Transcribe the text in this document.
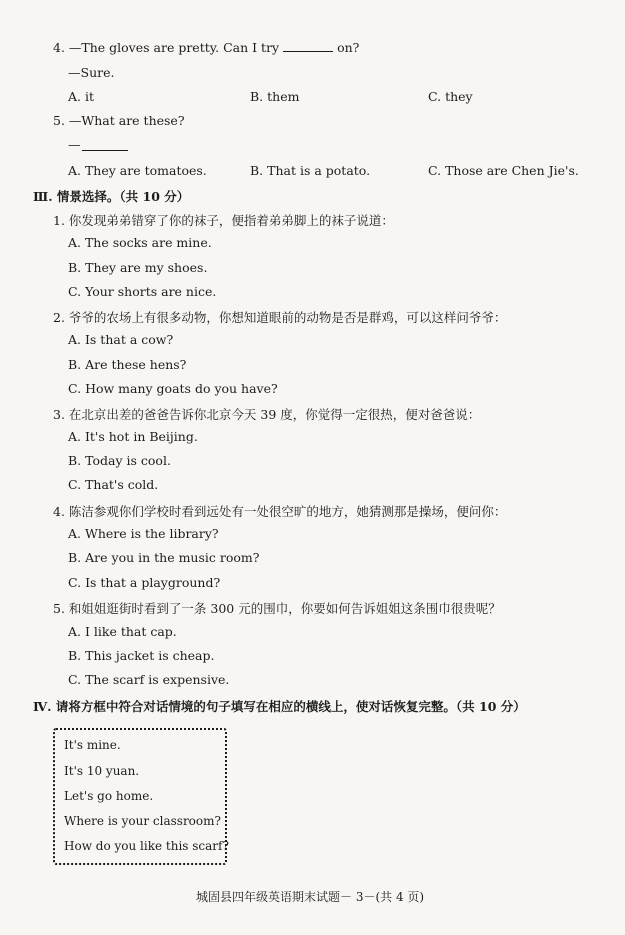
4. —The gloves are pretty. Can I try	on?
—Sure.
A. it	B. them	C. they
5. —What are these?
—
A. They are tomatoes.	B. That is a potato.	C. Those are Chen Jie's.
Ⅲ. 情景选择。（共 10 分）
1. 你发现弟弟错穿了你的袜子，便指着弟弟脚上的袜子说道：
A. The socks are mine.
B. They are my shoes.
C. Your shorts are nice.
2. 爷爷的农场上有很多动物，你想知道眼前的动物是否是群鸡，可以这样问爷爷：
A. Is that a cow?
B. Are these hens?
C. How many goats do you have?
3. 在北京出差的爸爸告诉你北京今天 39 度，你觉得一定很热，便对爸爸说：
A. It's hot in Beijing.
B. Today is cool.
C. That's cold.
4. 陈洁参观你们学校时看到远处有一处很空旷的地方，她猜测那是操场，便问你：
A. Where is the library?
B. Are you in the music room?
C. Is that a playground?
5. 和姐姐逛街时看到了一条 300 元的围巾，你要如何告诉姐姐这条围巾很贵呢？
A. I like that cap.
B. This jacket is cheap.
C. The scarf is expensive.
Ⅳ. 请将方框中符合对话情境的句子填写在相应的横线上，使对话恢复完整。（共 10 分）
It's mine.
It's 10 yuan.
Let's go home.
Where is your classroom?
How do you like this scarf?
城固县四年级英语期末试题－ 3－(共 4 页)
